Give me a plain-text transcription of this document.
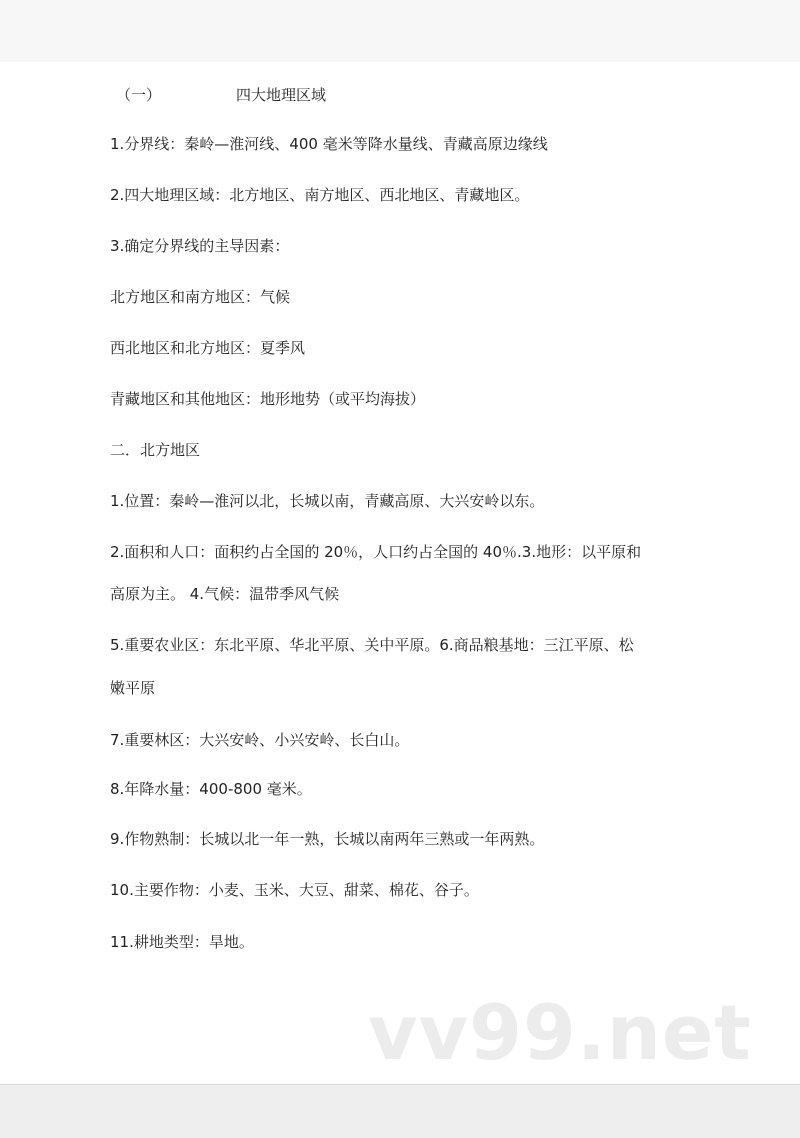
（一）	四大地理区域
1.分界线：秦岭—淮河线、400 毫米等降水量线、青藏高原边缘线
2.四大地理区域：北方地区、南方地区、西北地区、青藏地区。
3.确定分界线的主导因素：
北方地区和南方地区：气候
西北地区和北方地区：夏季风
青藏地区和其他地区：地形地势（或平均海拔）
二．北方地区
1.位置：秦岭—淮河以北，长城以南，青藏高原、大兴安岭以东。
2.面积和人口：面积约占全国的 20％，人口约占全国的 40％.3.地形：以平原和
高原为主。 4.气候：温带季风气候
5.重要农业区：东北平原、华北平原、关中平原。6.商品粮基地：三江平原、松
嫩平原
7.重要林区：大兴安岭、小兴安岭、长白山。
8.年降水量：400-800 毫米。
9.作物熟制：长城以北一年一熟，长城以南两年三熟或一年两熟。
10.主要作物：小麦、玉米、大豆、甜菜、棉花、谷子。
11.耕地类型：旱地。
vv99.net
